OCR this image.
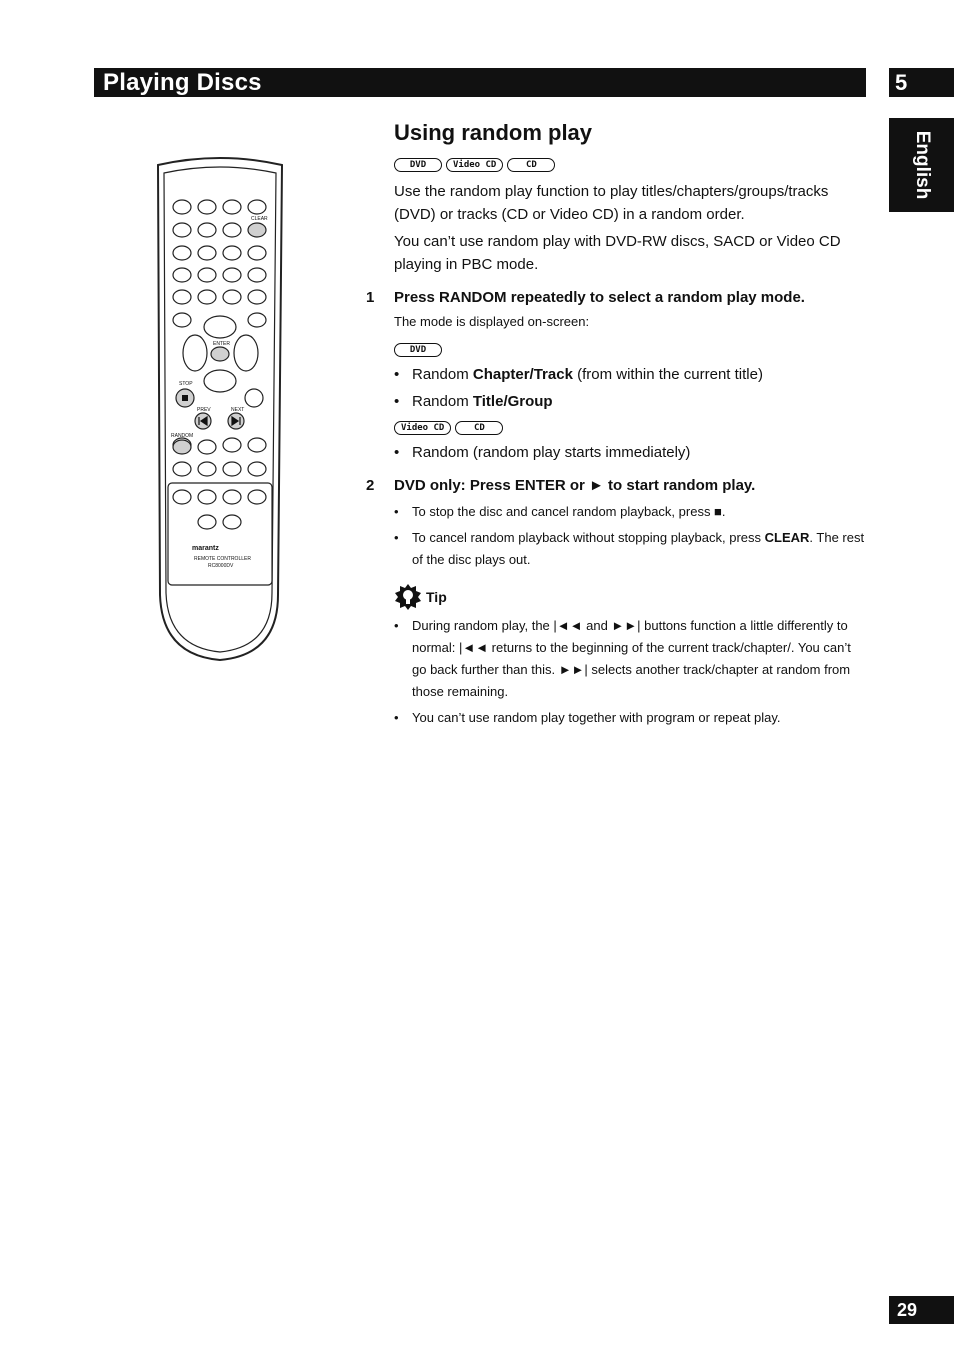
Playing Discs	5
English
CLEAR
ENTER
STOP
PREV	NEXT
RANDOM
REMOTE CONTROLLER
RC8000DV
marantz
Using random play
DVD	Video CD	CD
Use the random play function to play titles/chapters/groups/tracks (DVD) or tracks (CD or Video CD) in a random order.
You can’t use random play with DVD-RW discs, SACD or Video CD playing in PBC mode.
1	Press RANDOM repeatedly to select a random play mode.
The mode is displayed on-screen:
DVD
• Random Chapter/Track (from within the current title)
• Random Title/Group
Video CD	CD
• Random (random play starts immediately)
2	DVD only: Press ENTER or ► to start random play.
• To stop the disc and cancel random playback, press ■.
• To cancel random playback without stopping playback, press CLEAR. The rest of the disc plays out.
Tip
• During random play, the |◄◄ and ►►| buttons function a little differently to normal: |◄◄ returns to the beginning of the current track/chapter/. You can’t go back further than this. ►►| selects another track/chapter at random from those remaining.
• You can’t use random play together with program or repeat play.
29
